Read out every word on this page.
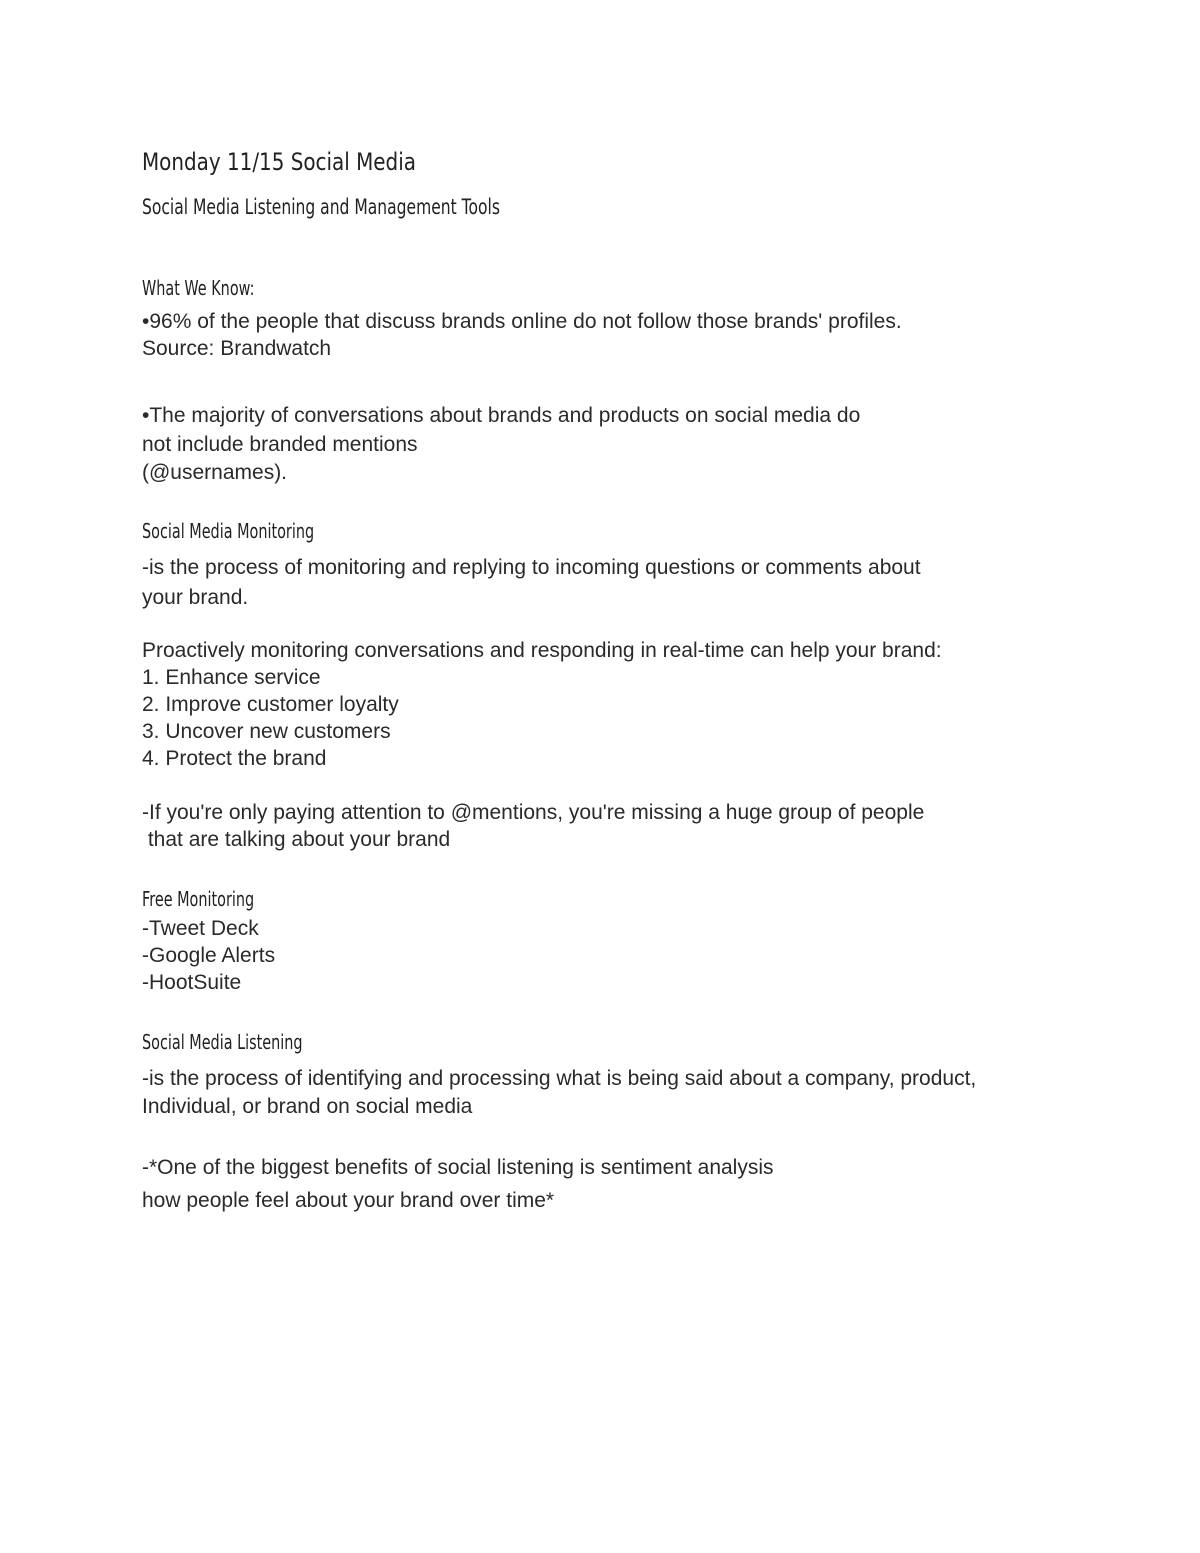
Monday 11/15 Social Media
Social Media Listening and Management Tools
What We Know:
•96% of the people that discuss brands online do not follow those brands' profiles.
Source: Brandwatch
•The majority of conversations about brands and products on social media do
not include branded mentions
(@usernames).
Social Media Monitoring
-is the process of monitoring and replying to incoming questions or comments about
your brand.
Proactively monitoring conversations and responding in real-time can help your brand:
1. Enhance service
2. Improve customer loyalty
3. Uncover new customers
4. Protect the brand
-If you're only paying attention to @mentions, you're missing a huge group of people
that are talking about your brand
Free Monitoring
-Tweet Deck
-Google Alerts
-HootSuite
Social Media Listening
-is the process of identifying and processing what is being said about a company, product,
Individual, or brand on social media
-*One of the biggest benefits of social listening is sentiment analysis
how people feel about your brand over time*
